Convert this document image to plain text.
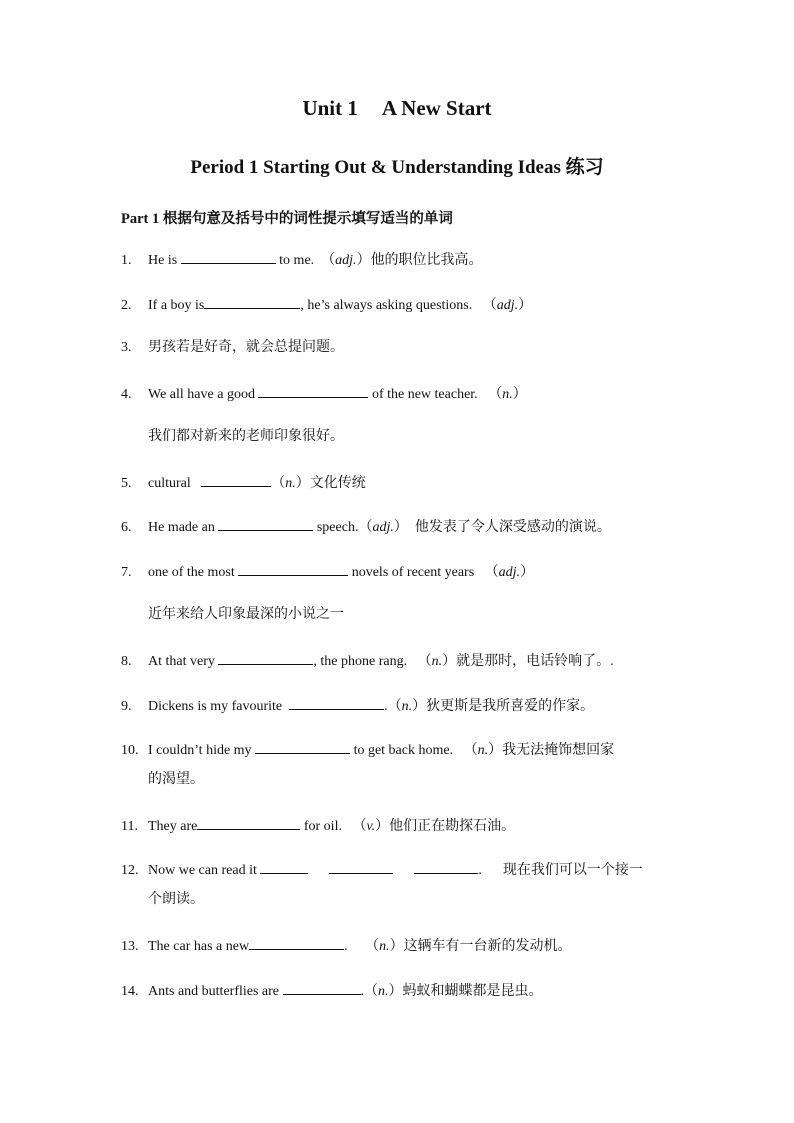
Unit 1 A New Start
Period 1 Starting Out & Understanding Ideas 练习
Part 1 根据句意及括号中的词性提示填写适当的单词
1. He is	to me. （adj.）他的职位比我高。
2. If a boy is	, he’s always asking questions. （adj.）
3. 男孩若是好奇，就会总提问题。
4. We all have a good	of the new teacher. （n.）
我们都对新来的老师印象很好。
5. cultural	（n.）文化传统
6. He made an	speech.（adj.） 他发表了令人深受感动的演说。
7. one of the most	novels of recent years （adj.）
近年来给人印象最深的小说之一
8. At that very	, the phone rang. （n.）就是那时，电话铃响了。.
9. Dickens is my favourite	.（n.）狄更斯是我所喜爱的作家。
10. I couldn’t hide my	to get back home. （n.）我无法掩饰想回家
的渴望。
11. They are	for oil. （v.）他们正在勘探石油。
12. Now we can read it	. 现在我们可以一个接一
个朗读。
13. The car has a new	. （n.）这辆车有一台新的发动机。
14. Ants and butterflies are	.（n.）蚂蚁和蝴蝶都是昆虫。
